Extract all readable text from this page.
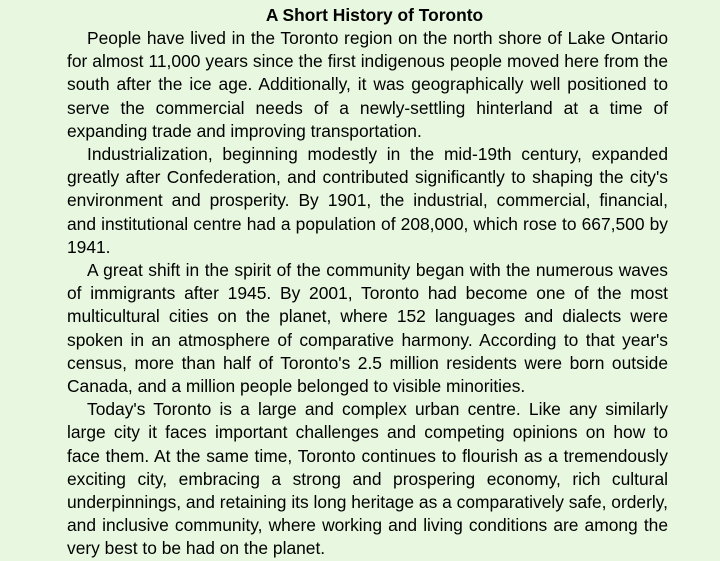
A Short History of Toronto

People have lived in the Toronto region on the north shore of Lake Ontario for almost 11,000 years since the first indigenous people moved here from the south after the ice age. Additionally, it was geographically well positioned to serve the commercial needs of a newly-settling hinterland at a time of expanding trade and improving transportation.

Industrialization, beginning modestly in the mid-19th century, expanded greatly after Confederation, and contributed significantly to shaping the city's environment and prosperity. By 1901, the industrial, commercial, financial, and institutional centre had a population of 208,000, which rose to 667,500 by 1941.

A great shift in the spirit of the community began with the numerous waves of immigrants after 1945. By 2001, Toronto had become one of the most multicultural cities on the planet, where 152 languages and dialects were spoken in an atmosphere of comparative harmony. According to that year's census, more than half of Toronto's 2.5 million residents were born outside Canada, and a million people belonged to visible minorities.

Today's Toronto is a large and complex urban centre. Like any similarly large city it faces important challenges and competing opinions on how to face them. At the same time, Toronto continues to flourish as a tremendously exciting city, embracing a strong and prospering economy, rich cultural underpinnings, and retaining its long heritage as a comparatively safe, orderly, and inclusive community, where working and living conditions are among the very best to be had on the planet.
